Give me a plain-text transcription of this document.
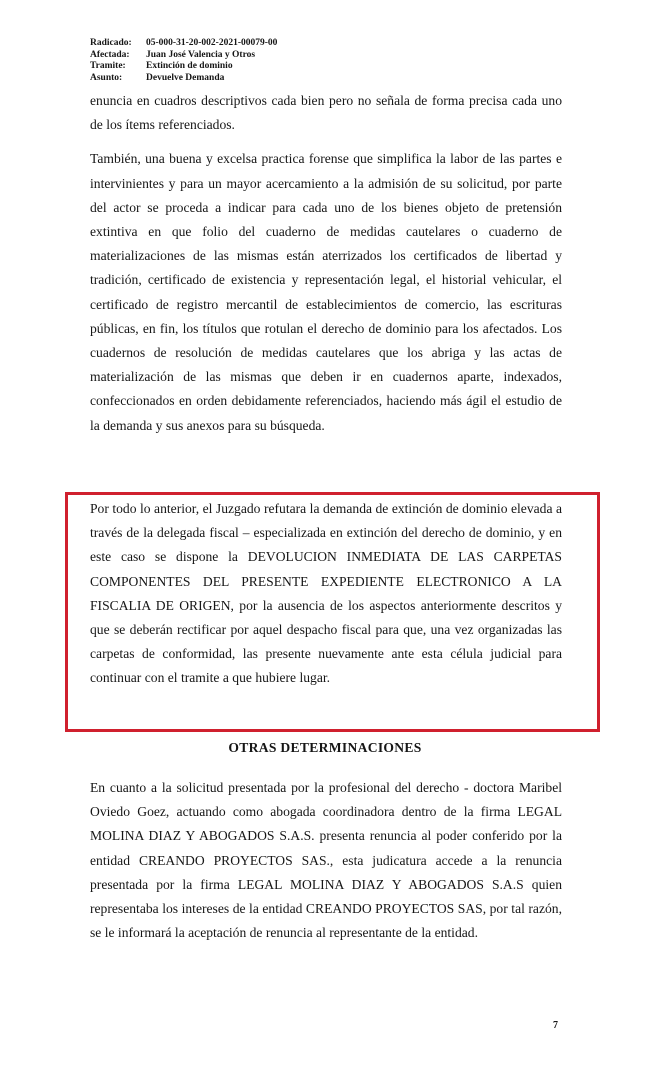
Radicado:	05-000-31-20-002-2021-00079-00
Afectada:	Juan José Valencia y Otros
Tramite:	Extinción de dominio
Asunto:	Devuelve Demanda

enuncia en cuadros descriptivos cada bien pero no señala de forma precisa cada uno de los ítems referenciados.

También, una buena y excelsa practica forense que simplifica la labor de las partes e intervinientes y para un mayor acercamiento a la admisión de su solicitud, por parte del actor se proceda a indicar para cada uno de los bienes objeto de pretensión extintiva en que folio del cuaderno de medidas cautelares o cuaderno de materializaciones de las mismas están aterrizados los certificados de libertad y tradición, certificado de existencia y representación legal, el historial vehicular, el certificado de registro mercantil de establecimientos de comercio, las escrituras públicas, en fin, los títulos que rotulan el derecho de dominio para los afectados. Los cuadernos de resolución de medidas cautelares que los abriga y las actas de materialización de las mismas que deben ir en cuadernos aparte, indexados, confeccionados en orden debidamente referenciados, haciendo más ágil el estudio de la demanda y sus anexos para su búsqueda.

Por todo lo anterior, el Juzgado refutara la demanda de extinción de dominio elevada a través de la delegada fiscal – especializada en extinción del derecho de dominio, y en este caso se dispone la DEVOLUCION INMEDIATA DE LAS CARPETAS COMPONENTES DEL PRESENTE EXPEDIENTE ELECTRONICO A LA FISCALIA DE ORIGEN, por la ausencia de los aspectos anteriormente descritos y que se deberán rectificar por aquel despacho fiscal para que, una vez organizadas las carpetas de conformidad, las presente nuevamente ante esta célula judicial para continuar con el tramite a que hubiere lugar.

OTRAS DETERMINACIONES

En cuanto a la solicitud presentada por la profesional del derecho - doctora Maribel Oviedo Goez, actuando como abogada coordinadora dentro de la firma LEGAL MOLINA DIAZ Y ABOGADOS S.A.S. presenta renuncia al poder conferido por la entidad CREANDO PROYECTOS SAS., esta judicatura accede a la renuncia presentada por la firma LEGAL MOLINA DIAZ Y ABOGADOS S.A.S quien representaba los intereses de la entidad CREANDO PROYECTOS SAS, por tal razón, se le informará la aceptación de renuncia al representante de la entidad.

7
